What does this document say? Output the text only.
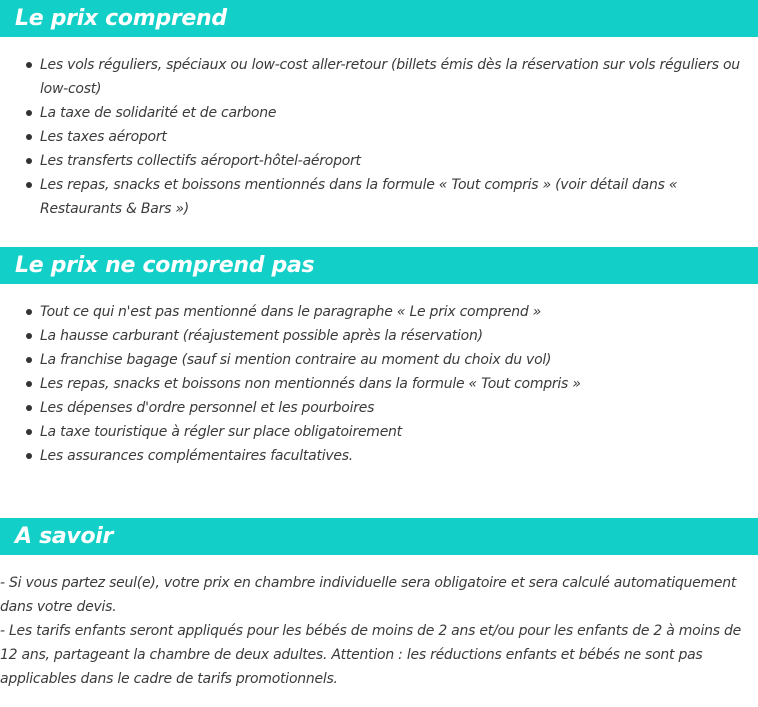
Le prix comprend
Les vols réguliers, spéciaux ou low-cost aller-retour (billets émis dès la réservation sur vols réguliers ou low-cost)
La taxe de solidarité et de carbone
Les taxes aéroport
Les transferts collectifs aéroport-hôtel-aéroport
Les repas, snacks et boissons mentionnés dans la formule « Tout compris » (voir détail dans « Restaurants & Bars »)
Le prix ne comprend pas
Tout ce qui n'est pas mentionné dans le paragraphe « Le prix comprend »
La hausse carburant (réajustement possible après la réservation)
La franchise bagage (sauf si mention contraire au moment du choix du vol)
Les repas, snacks et boissons non mentionnés dans la formule « Tout compris »
Les dépenses d'ordre personnel et les pourboires
La taxe touristique à régler sur place obligatoirement
Les assurances complémentaires facultatives.
A savoir

- Si vous partez seul(e), votre prix en chambre individuelle sera obligatoire et sera calculé automatiquement dans votre devis.

- Les tarifs enfants seront appliqués pour les bébés de moins de 2 ans et/ou pour les enfants de 2 à moins de 12 ans, partageant la chambre de deux adultes. Attention : les réductions enfants et bébés ne sont pas applicables dans le cadre de tarifs promotionnels.
